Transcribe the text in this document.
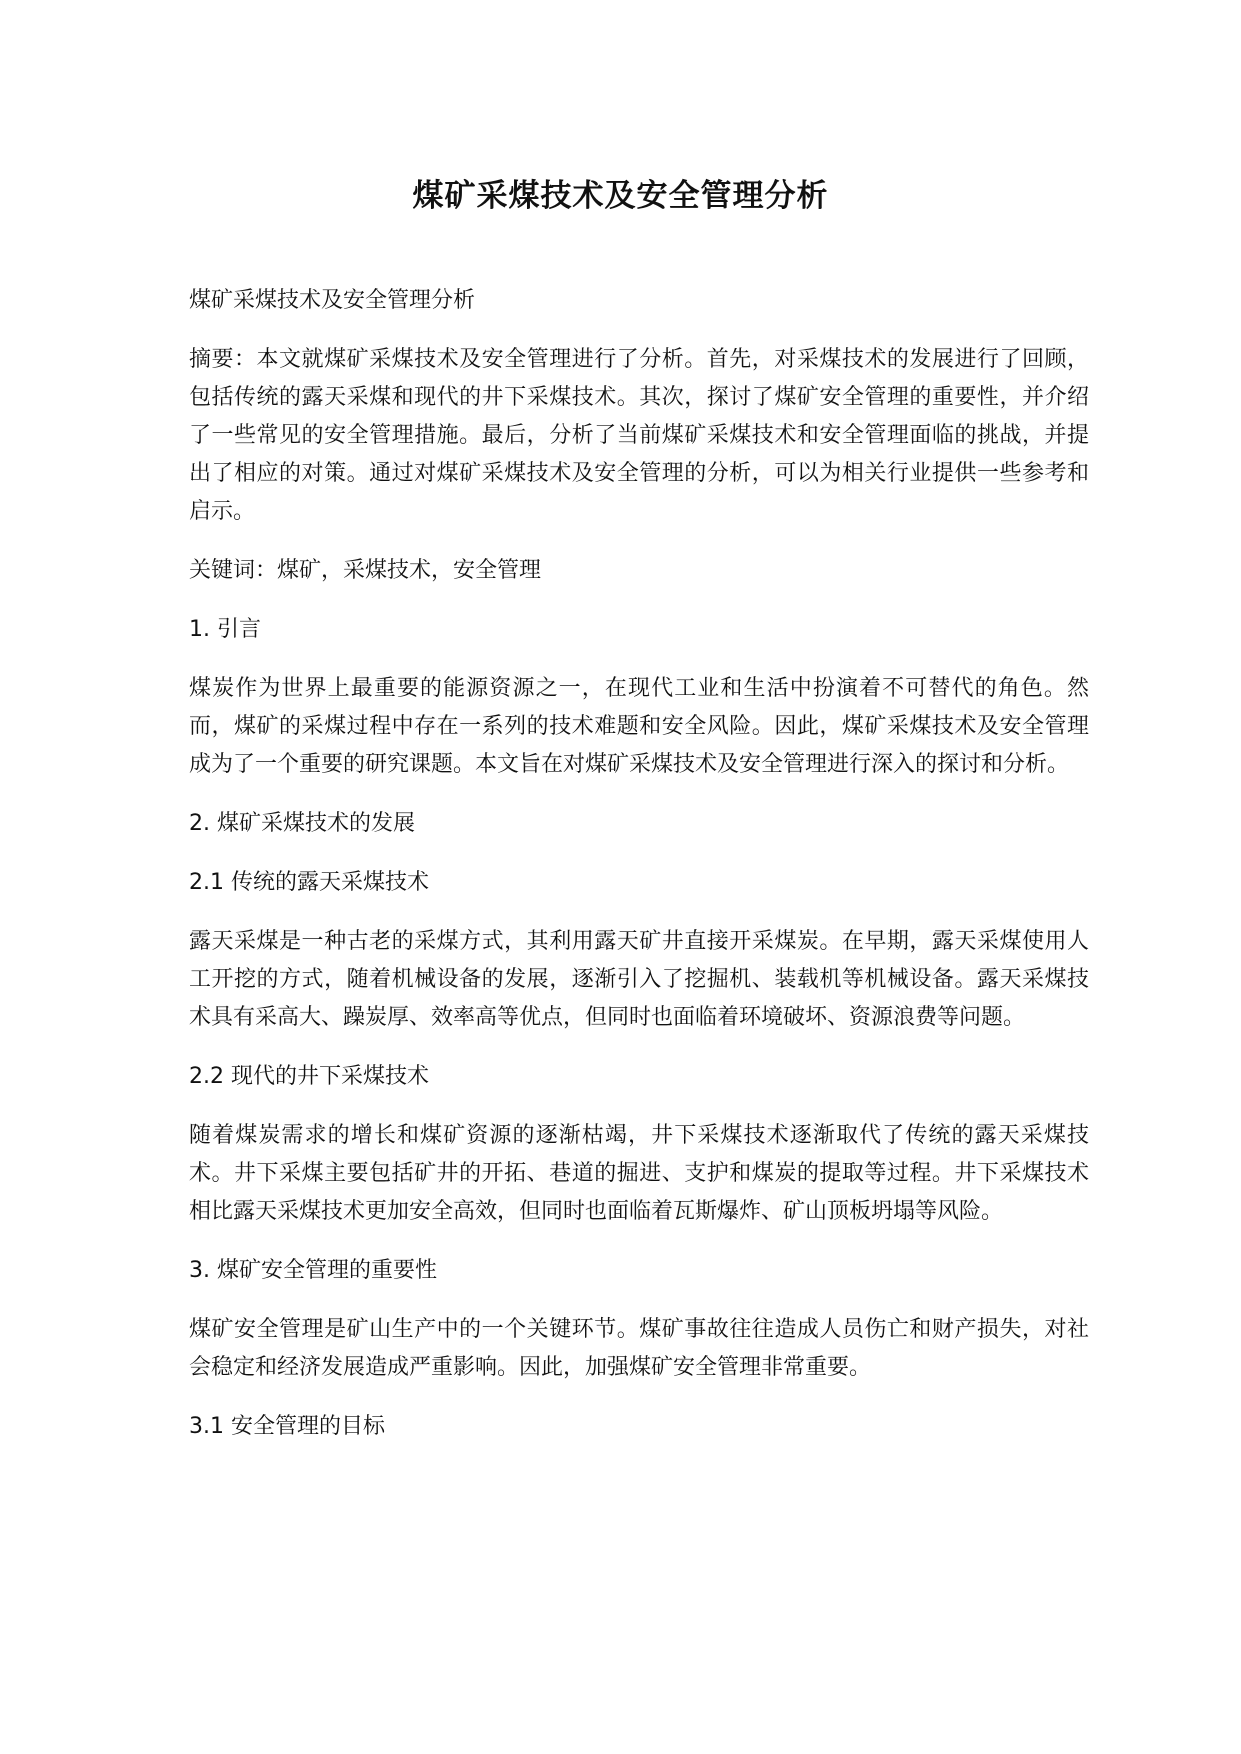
煤矿采煤技术及安全管理分析

煤矿采煤技术及安全管理分析

摘要：本文就煤矿采煤技术及安全管理进行了分析。首先，对采煤技术的发展进行了回顾，包括传统的露天采煤和现代的井下采煤技术。其次，探讨了煤矿安全管理的重要性，并介绍了一些常见的安全管理措施。最后，分析了当前煤矿采煤技术和安全管理面临的挑战，并提出了相应的对策。通过对煤矿采煤技术及安全管理的分析，可以为相关行业提供一些参考和启示。

关键词：煤矿，采煤技术，安全管理

1. 引言

煤炭作为世界上最重要的能源资源之一，在现代工业和生活中扮演着不可替代的角色。然而，煤矿的采煤过程中存在一系列的技术难题和安全风险。因此，煤矿采煤技术及安全管理成为了一个重要的研究课题。本文旨在对煤矿采煤技术及安全管理进行深入的探讨和分析。

2. 煤矿采煤技术的发展

2.1 传统的露天采煤技术

露天采煤是一种古老的采煤方式，其利用露天矿井直接开采煤炭。在早期，露天采煤使用人工开挖的方式，随着机械设备的发展，逐渐引入了挖掘机、装载机等机械设备。露天采煤技术具有采高大、躁炭厚、效率高等优点，但同时也面临着环境破坏、资源浪费等问题。

2.2 现代的井下采煤技术

随着煤炭需求的增长和煤矿资源的逐渐枯竭，井下采煤技术逐渐取代了传统的露天采煤技术。井下采煤主要包括矿井的开拓、巷道的掘进、支护和煤炭的提取等过程。井下采煤技术相比露天采煤技术更加安全高效，但同时也面临着瓦斯爆炸、矿山顶板坍塌等风险。

3. 煤矿安全管理的重要性

煤矿安全管理是矿山生产中的一个关键环节。煤矿事故往往造成人员伤亡和财产损失，对社会稳定和经济发展造成严重影响。因此，加强煤矿安全管理非常重要。

3.1 安全管理的目标
